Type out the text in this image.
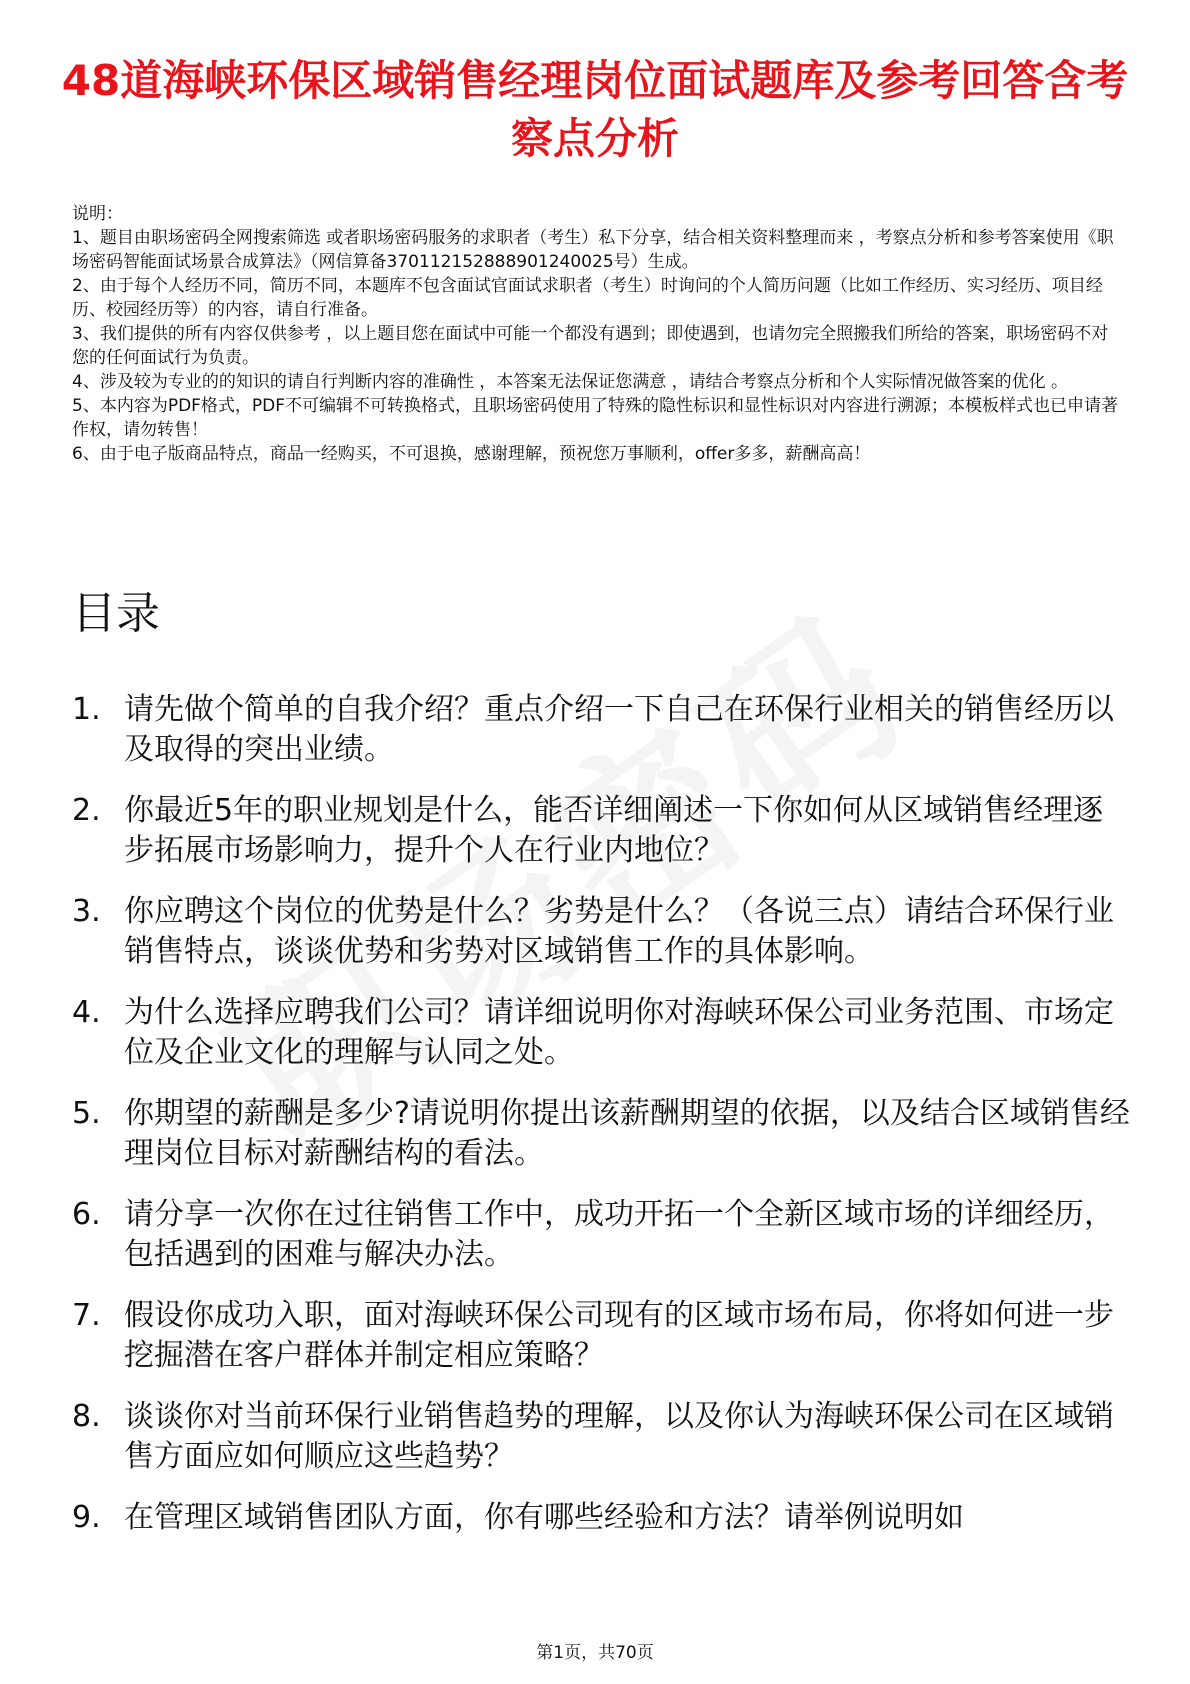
48道海峡环保区域销售经理岗位面试题库及参考回答含考察点分析

说明：

1、题目由职场密码全网搜索筛选 或者职场密码服务的求职者（考生）私下分享，结合相关资料整理而来 ，考察点分析和参考答案使用《职场密码智能面试场景合成算法》（网信算备370112152888901240025号）生成。

2、由于每个人经历不同，简历不同，本题库不包含面试官面试求职者（考生）时询问的个人简历问题（比如工作经历、实习经历、项目经历、校园经历等）的内容，请自行准备。

3、我们提供的所有内容仅供参考 ，以上题目您在面试中可能一个都没有遇到；即使遇到，也请勿完全照搬我们所给的答案，职场密码不对您的任何面试行为负责。

4、涉及较为专业的的知识的请自行判断内容的准确性 ，本答案无法保证您满意 ，请结合考察点分析和个人实际情况做答案的优化 。

5、本内容为PDF格式，PDF不可编辑不可转换格式，且职场密码使用了特殊的隐性标识和显性标识对内容进行溯源；本模板样式也已申请著作权，请勿转售！

6、由于电子版商品特点，商品一经购买，不可退换，感谢理解，预祝您万事顺利，offer多多，薪酬高高！

目录
1. 请先做个简单的自我介绍？重点介绍一下自己在环保行业相关的销售经历以及取得的突出业绩。
2. 你最近5年的职业规划是什么，能否详细阐述一下你如何从区域销售经理逐步拓展市场影响力，提升个人在行业内地位？
3. 你应聘这个岗位的优势是什么？劣势是什么？（各说三点）请结合环保行业销售特点，谈谈优势和劣势对区域销售工作的具体影响。
4. 为什么选择应聘我们公司？请详细说明你对海峡环保公司业务范围、市场定位及企业文化的理解与认同之处。
5. 你期望的薪酬是多少?请说明你提出该薪酬期望的依据，以及结合区域销售经理岗位目标对薪酬结构的看法。
6. 请分享一次你在过往销售工作中，成功开拓一个全新区域市场的详细经历，包括遇到的困难与解决办法。
7. 假设你成功入职，面对海峡环保公司现有的区域市场布局，你将如何进一步挖掘潜在客户群体并制定相应策略？
8. 谈谈你对当前环保行业销售趋势的理解，以及你认为海峡环保公司在区域销售方面应如何顺应这些趋势？
9. 在管理区域销售团队方面，你有哪些经验和方法？请举例说明如
第1页，共70页
